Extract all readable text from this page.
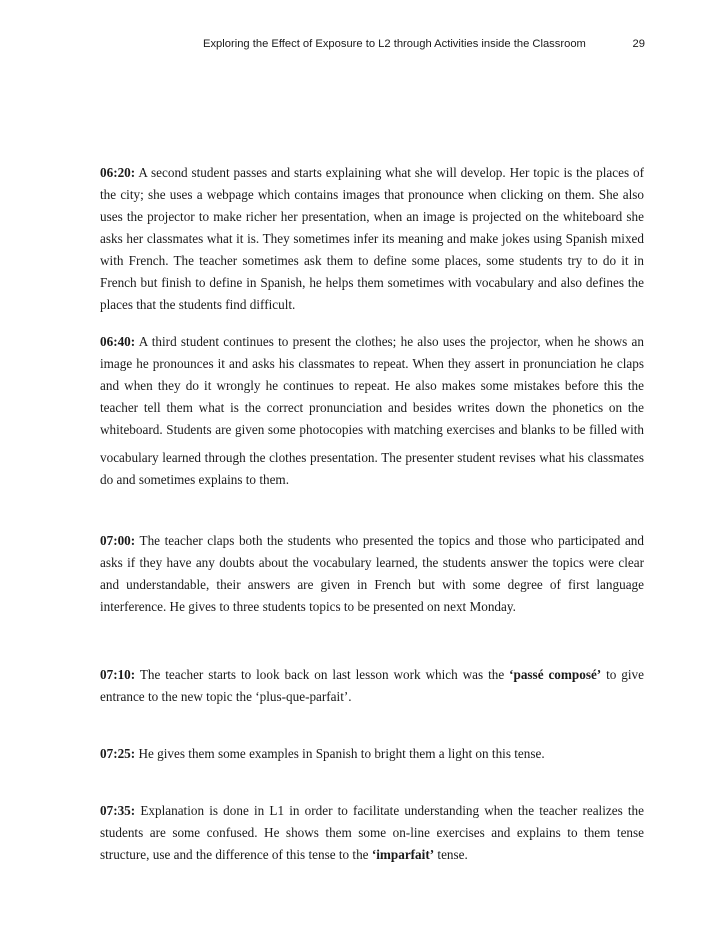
Exploring the Effect of Exposure to L2 through Activities inside the Classroom	29

06:20: A second student passes and starts explaining what she will develop. Her topic is the places of the city; she uses a webpage which contains images that pronounce when clicking on them. She also uses the projector to make richer her presentation, when an image is projected on the whiteboard she asks her classmates what it is. They sometimes infer its meaning and make jokes using Spanish mixed with French. The teacher sometimes ask them to define some places, some students try to do it in French but finish to define in Spanish, he helps them sometimes with vocabulary and also defines the places that the students find difficult.

06:40: A third student continues to present the clothes; he also uses the projector, when he shows an image he pronounces it and asks his classmates to repeat. When they assert in pronunciation he claps and when they do it wrongly he continues to repeat. He also makes some mistakes before this the teacher tell them what is the correct pronunciation and besides writes down the phonetics on the whiteboard. Students are given some photocopies with matching exercises and blanks to be filled with

vocabulary learned through the clothes presentation. The presenter student revises what his classmates do and sometimes explains to them.

07:00: The teacher claps both the students who presented the topics and those who participated and asks if they have any doubts about the vocabulary learned, the students answer the topics were clear and understandable, their answers are given in French but with some degree of first language interference. He gives to three students topics to be presented on next Monday.

07:10: The teacher starts to look back on last lesson work which was the ‘passé composé’ to give entrance to the new topic the ‘plus-que-parfait’.

07:25: He gives them some examples in Spanish to bright them a light on this tense.

07:35: Explanation is done in L1 in order to facilitate understanding when the teacher realizes the students are some confused. He shows them some on-line exercises and explains to them tense structure, use and the difference of this tense to the ‘imparfait’ tense.
